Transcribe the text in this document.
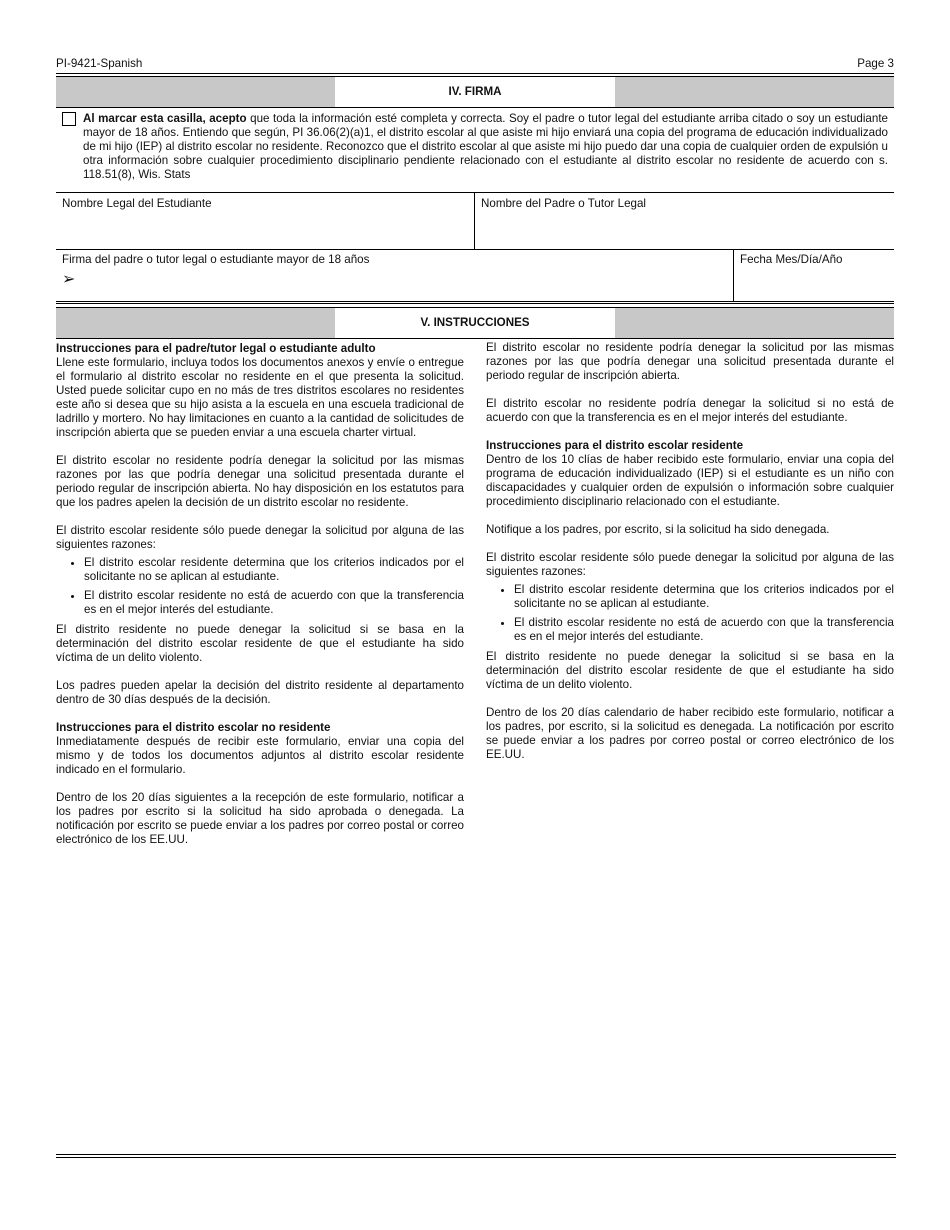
PI-9421-Spanish	Page 3
IV. FIRMA
Al marcar esta casilla, acepto que toda la información esté completa y correcta. Soy el padre o tutor legal del estudiante arriba citado o soy un estudiante mayor de 18 años. Entiendo que según, PI 36.06(2)(a)1, el distrito escolar al que asiste mi hijo enviará una copia del programa de educación individualizado de mi hijo (IEP) al distrito escolar no residente. Reconozco que el distrito escolar al que asiste mi hijo puedo dar una copia de cualquier orden de expulsión u otra información sobre cualquier procedimiento disciplinario pendiente relacionado con el estudiante al distrito escolar no residente de acuerdo con s. 118.51(8), Wis. Stats
Nombre Legal del Estudiante	Nombre del Padre o Tutor Legal
Firma del padre o tutor legal o estudiante mayor de 18 años
➢
Fecha Mes/Día/Año
V. INSTRUCCIONES

Instrucciones para el padre/tutor legal o estudiante adulto

Llene este formulario, incluya todos los documentos anexos y envíe o entregue el formulario al distrito escolar no residente en el que presenta la solicitud. Usted puede solicitar cupo en no más de tres distritos escolares no residentes este año si desea que su hijo asista a la escuela en una escuela tradicional de ladrillo y mortero. No hay limitaciones en cuanto a la cantidad de solicitudes de inscripción abierta que se pueden enviar a una escuela charter virtual.

El distrito escolar no residente podría denegar la solicitud por las mismas razones por las que podría denegar una solicitud presentada durante el periodo regular de inscripción abierta. No hay disposición en los estatutos para que los padres apelen la decisión de un distrito escolar no residente.

El distrito escolar residente sólo puede denegar la solicitud por alguna de las siguientes razones:

• El distrito escolar residente determina que los criterios indicados por el solicitante no se aplican al estudiante.
• El distrito escolar residente no está de acuerdo con que la transferencia es en el mejor interés del estudiante.

El distrito residente no puede denegar la solicitud si se basa en la determinación del distrito escolar residente de que el estudiante ha sido víctima de un delito violento.

Los padres pueden apelar la decisión del distrito residente al departamento dentro de 30 días después de la decisión.

Instrucciones para el distrito escolar no residente

Inmediatamente después de recibir este formulario, enviar una copia del mismo y de todos los documentos adjuntos al distrito escolar residente indicado en el formulario.

Dentro de los 20 días siguientes a la recepción de este formulario, notificar a los padres por escrito si la solicitud ha sido aprobada o denegada. La notificación por escrito se puede enviar a los padres por correo postal or correo electrónico de los EE.UU.

El distrito escolar no residente podría denegar la solicitud por las mismas razones por las que podría denegar una solicitud presentada durante el periodo regular de inscripción abierta.

El distrito escolar no residente podría denegar la solicitud si no está de acuerdo con que la transferencia es en el mejor interés del estudiante.

Instrucciones para el distrito escolar residente

Dentro de los 10 clías de haber recibido este formulario, enviar una copia del programa de educación individualizado (IEP) si el estudiante es un niño con discapacidades y cualquier orden de expulsión o información sobre cualquier procedimiento disciplinario relacionado con el estudiante.

Notifique a los padres, por escrito, si la solicitud ha sido denegada.

El distrito escolar residente sólo puede denegar la solicitud por alguna de las siguientes razones:

• El distrito escolar residente determina que los criterios indicados por el solicitante no se aplican al estudiante.
• El distrito escolar residente no está de acuerdo con que la transferencia es en el mejor interés del estudiante.

El distrito residente no puede denegar la solicitud si se basa en la determinación del distrito escolar residente de que el estudiante ha sido víctima de un delito violento.

Dentro de los 20 días calendario de haber recibido este formulario, notificar a los padres, por escrito, si la solicitud es denegada. La notificación por escrito se puede enviar a los padres por correo postal or correo electrónico de los EE.UU.
